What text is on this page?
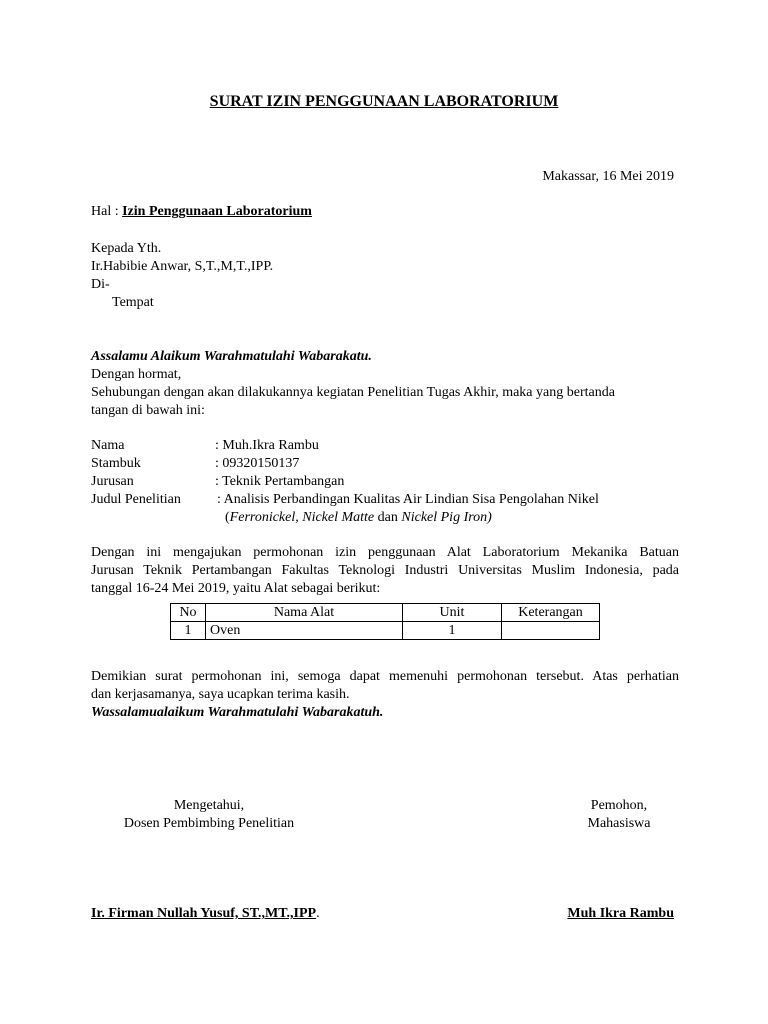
SURAT IZIN PENGGUNAAN LABORATORIUM
Makassar, 16 Mei 2019
Hal : Izin Penggunaan Laboratorium
Kepada Yth.
Ir.Habibie Anwar, S,T.,M,T.,IPP.
Di-
Tempat
Assalamu Alaikum Warahmatulahi Wabarakatu.
Dengan hormat,
Sehubungan dengan akan dilakukannya kegiatan Penelitian Tugas Akhir, maka yang bertanda
tangan di bawah ini:
Nama	: Muh.Ikra Rambu
Stambuk	: 09320150137
Jurusan	: Teknik Pertambangan
Judul Penelitian	: Analisis Perbandingan Kualitas Air Lindian Sisa Pengolahan Nikel
(Ferronickel, Nickel Matte dan Nickel Pig Iron)
Dengan ini mengajukan permohonan izin penggunaan Alat Laboratorium Mekanika Batuan
Jurusan Teknik Pertambangan Fakultas Teknologi Industri Universitas Muslim Indonesia, pada
tanggal 16-24 Mei 2019, yaitu Alat sebagai berikut:
No	Nama Alat	Unit	Keterangan
1	Oven	1	
Demikian surat permohonan ini, semoga dapat memenuhi permohonan tersebut. Atas perhatian
dan kerjasamanya, saya ucapkan terima kasih.
Wassalamualaikum Warahmatulahi Wabarakatuh.
Mengetahui,
Dosen Pembimbing Penelitian
Pemohon,
Mahasiswa
Ir. Firman Nullah Yusuf, ST.,MT.,IPP.	Muh Ikra Rambu
